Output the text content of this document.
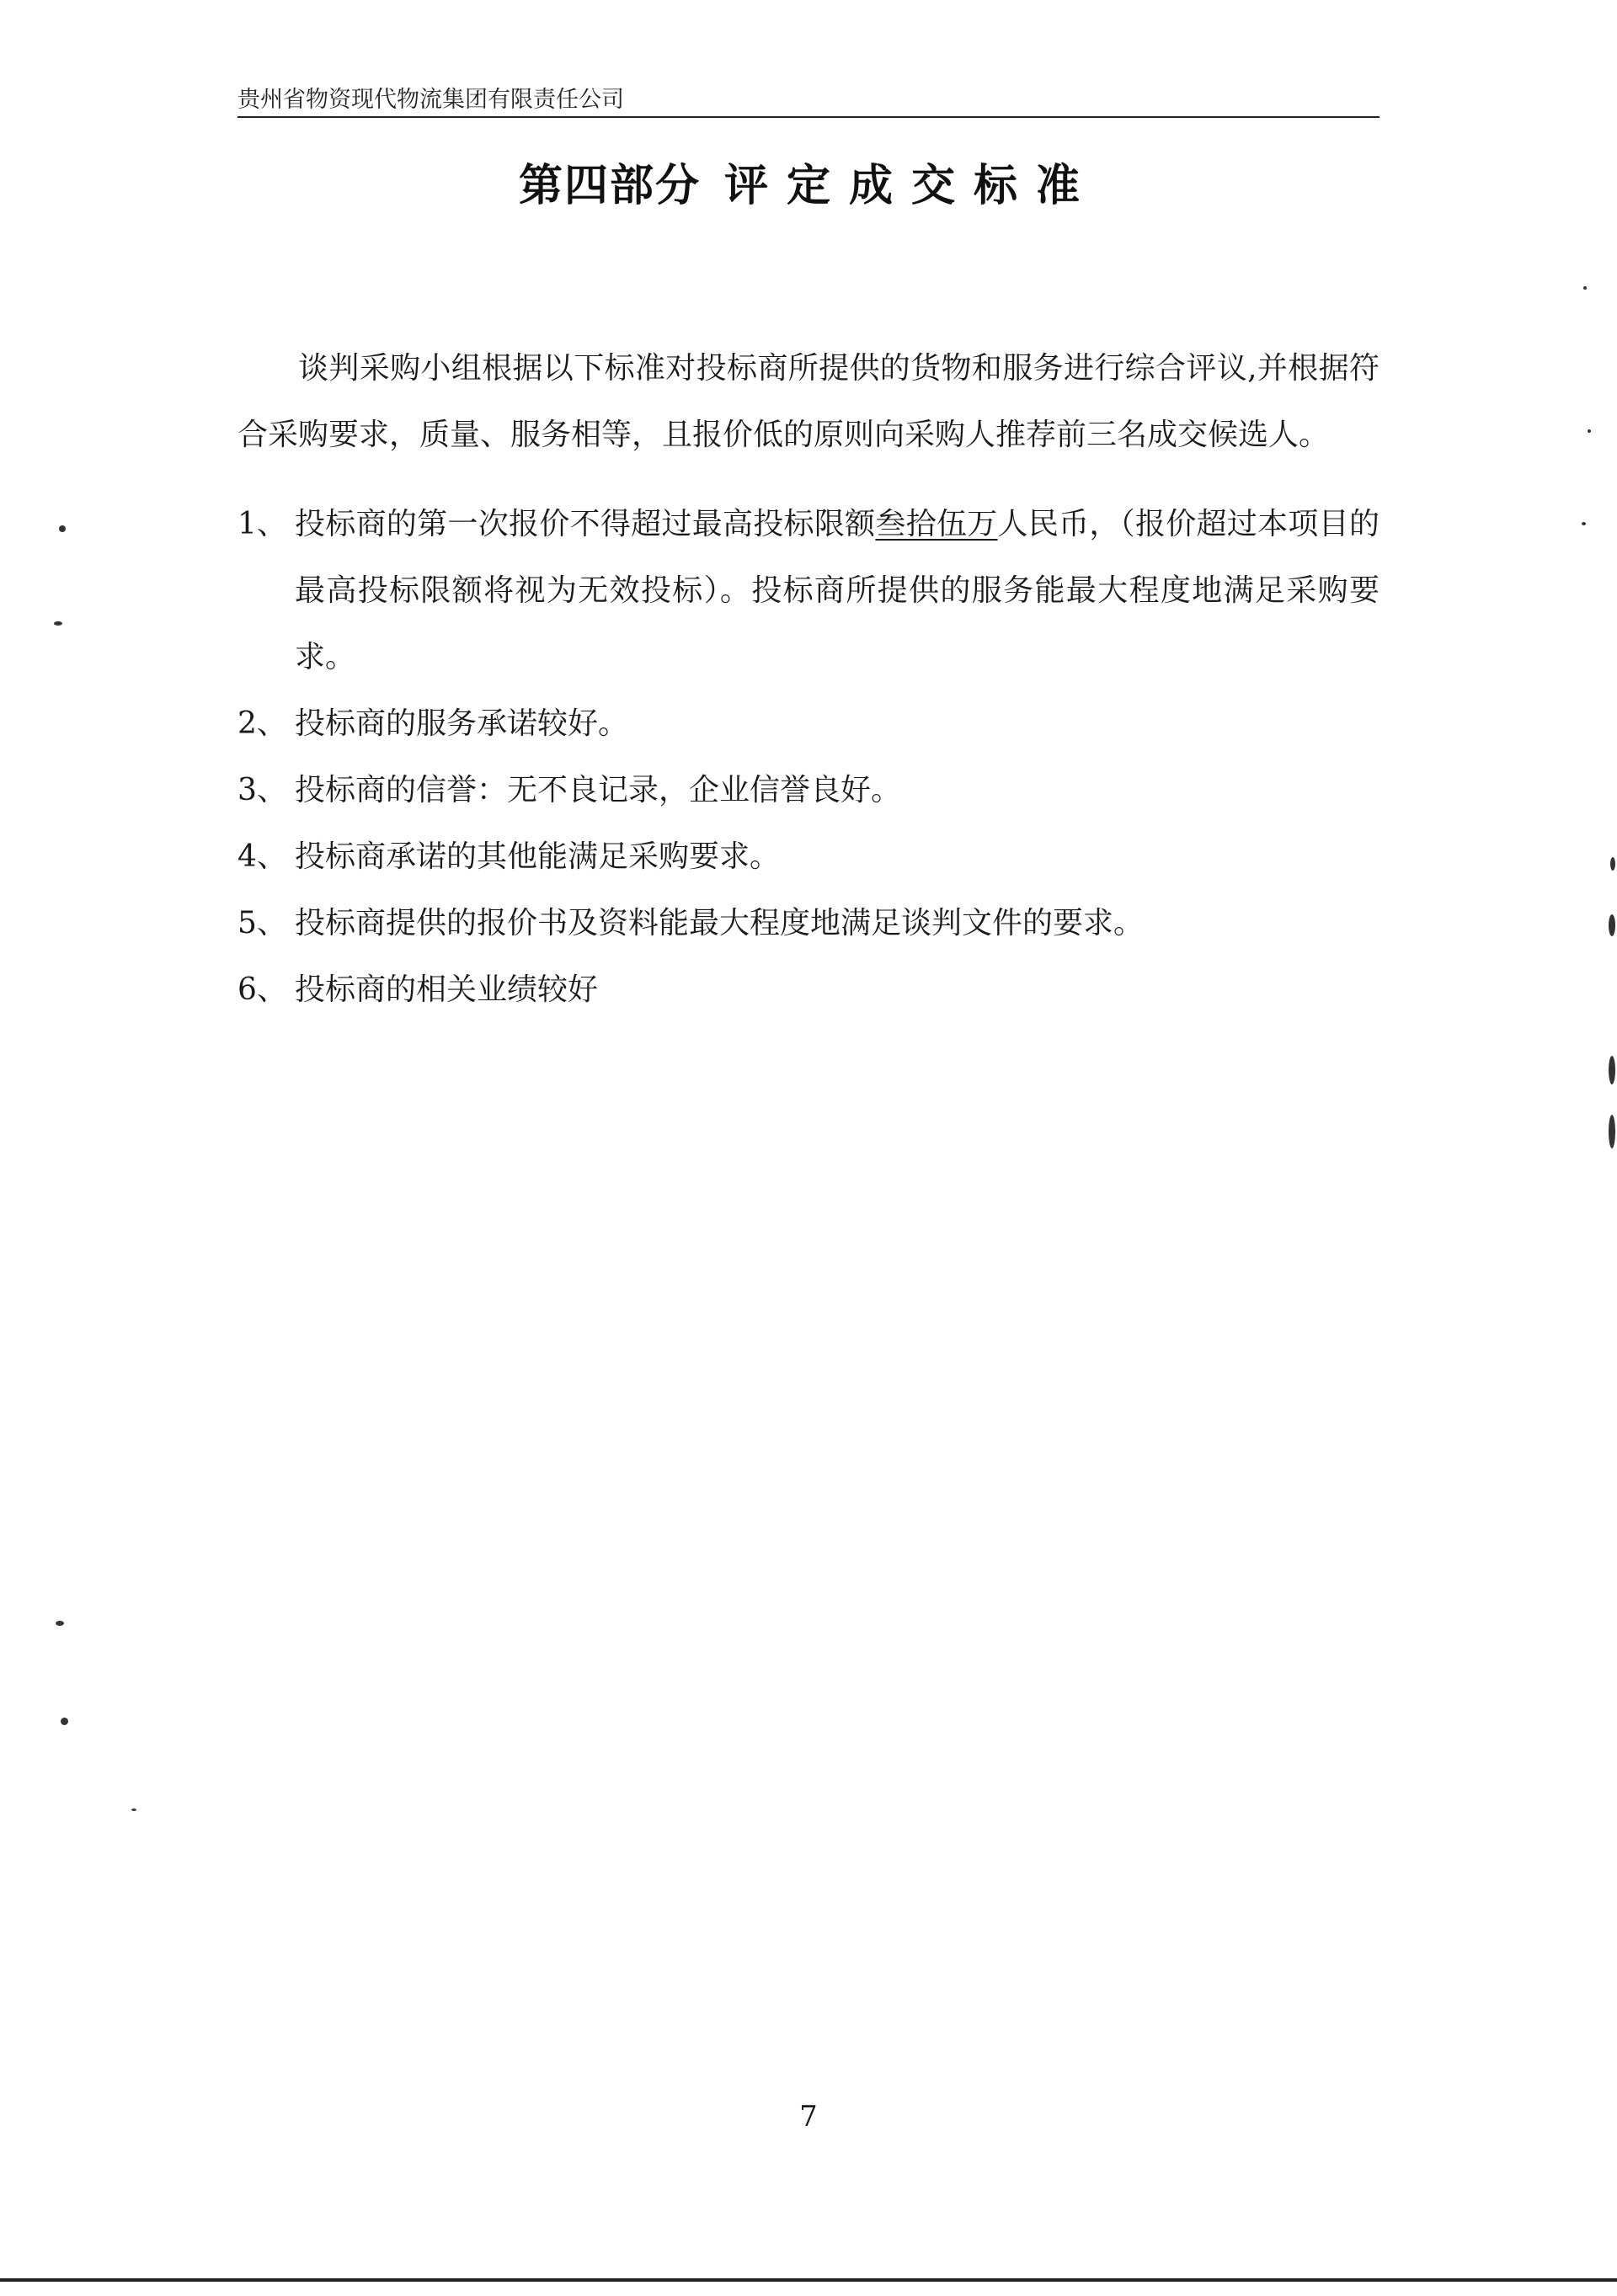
贵州省物资现代物流集团有限责任公司
第四部分 评定成交标准

谈判采购小组根据以下标准对投标商所提供的货物和服务进行综合评议,并根据符合采购要求，质量、服务相等，且报价低的原则向采购人推荐前三名成交候选人。

1、 投标商的第一次报价不得超过最高投标限额叁拾伍万人民币，（报价超过本项目的最高投标限额将视为无效投标）。投标商所提供的服务能最大程度地满足采购要求。
2、 投标商的服务承诺较好。
3、 投标商的信誉：无不良记录，企业信誉良好。
4、 投标商承诺的其他能满足采购要求。
5、 投标商提供的报价书及资料能最大程度地满足谈判文件的要求。
6、 投标商的相关业绩较好
7
